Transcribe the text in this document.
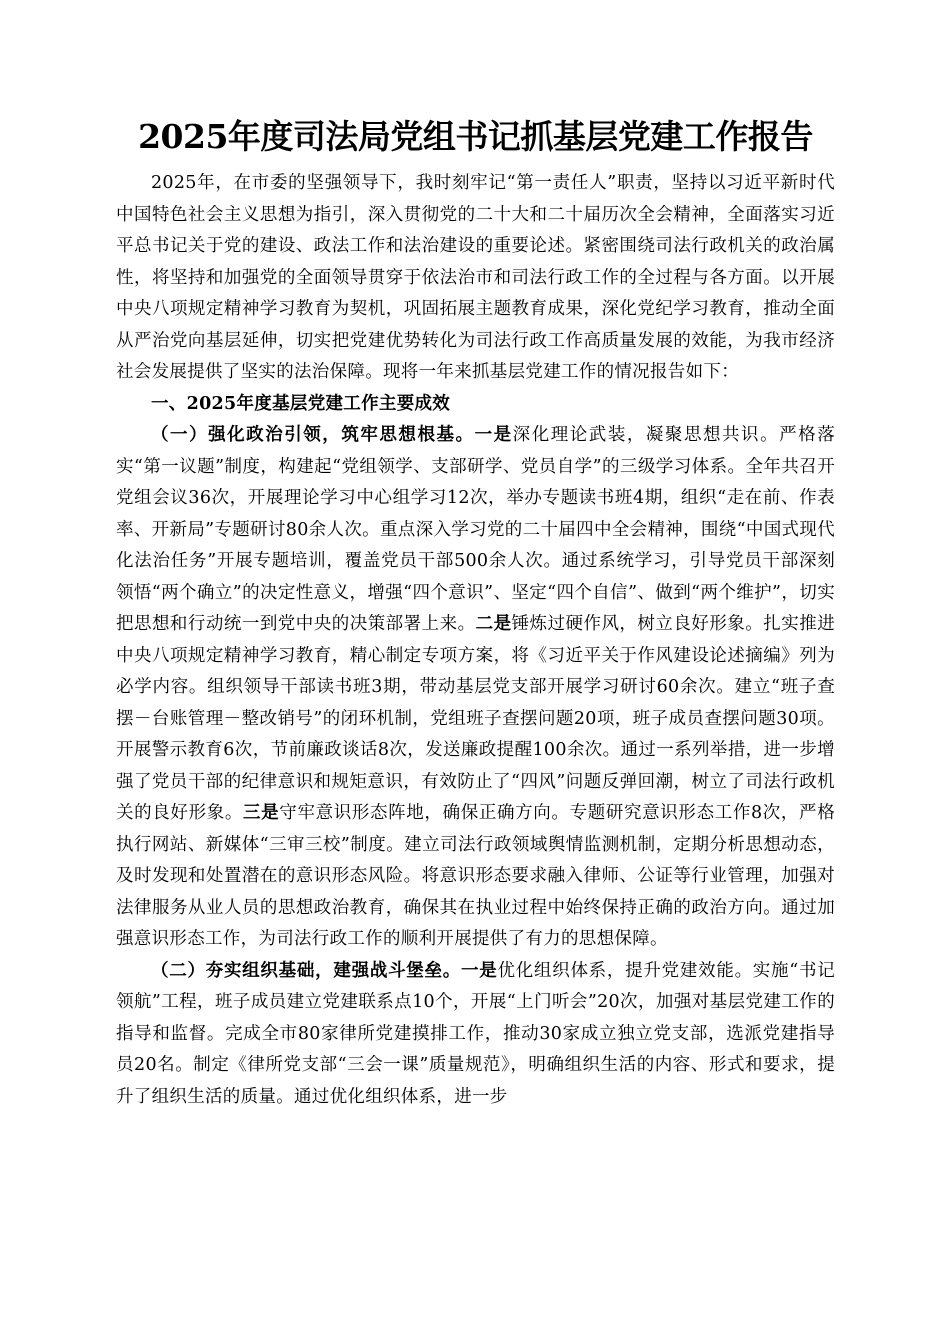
2025年度司法局党组书记抓基层党建工作报告

2025年，在市委的坚强领导下，我时刻牢记“第一责任人”职责，坚持以习近平新时代中国特色社会主义思想为指引，深入贯彻党的二十大和二十届历次全会精神，全面落实习近平总书记关于党的建设、政法工作和法治建设的重要论述。紧密围绕司法行政机关的政治属性，将坚持和加强党的全面领导贯穿于依法治市和司法行政工作的全过程与各方面。以开展中央八项规定精神学习教育为契机，巩固拓展主题教育成果，深化党纪学习教育，推动全面从严治党向基层延伸，切实把党建优势转化为司法行政工作高质量发展的效能，为我市经济社会发展提供了坚实的法治保障。现将一年来抓基层党建工作的情况报告如下：

一、2025年度基层党建工作主要成效

（一）强化政治引领，筑牢思想根基。一是深化理论武装，凝聚思想共识。严格落实“第一议题”制度，构建起“党组领学、支部研学、党员自学”的三级学习体系。全年共召开党组会议36次，开展理论学习中心组学习12次，举办专题读书班4期，组织“走在前、作表率、开新局”专题研讨80余人次。重点深入学习党的二十届四中全会精神，围绕“中国式现代化法治任务”开展专题培训，覆盖党员干部500余人次。通过系统学习，引导党员干部深刻领悟“两个确立”的决定性意义，增强“四个意识”、坚定“四个自信”、做到“两个维护”，切实把思想和行动统一到党中央的决策部署上来。二是锤炼过硬作风，树立良好形象。扎实推进中央八项规定精神学习教育，精心制定专项方案，将《习近平关于作风建设论述摘编》列为必学内容。组织领导干部读书班3期，带动基层党支部开展学习研讨60余次。建立“班子查摆－台账管理－整改销号”的闭环机制，党组班子查摆问题20项，班子成员查摆问题30项。开展警示教育6次，节前廉政谈话8次，发送廉政提醒100余次。通过一系列举措，进一步增强了党员干部的纪律意识和规矩意识，有效防止了“四风”问题反弹回潮，树立了司法行政机关的良好形象。三是守牢意识形态阵地，确保正确方向。专题研究意识形态工作8次，严格执行网站、新媒体“三审三校”制度。建立司法行政领域舆情监测机制，定期分析思想动态，及时发现和处置潜在的意识形态风险。将意识形态要求融入律师、公证等行业管理，加强对法律服务从业人员的思想政治教育，确保其在执业过程中始终保持正确的政治方向。通过加强意识形态工作，为司法行政工作的顺利开展提供了有力的思想保障。

（二）夯实组织基础，建强战斗堡垒。一是优化组织体系，提升党建效能。实施“书记领航”工程，班子成员建立党建联系点10个，开展“上门听会”20次，加强对基层党建工作的指导和监督。完成全市80家律所党建摸排工作，推动30家成立独立党支部，选派党建指导员20名。制定《律所党支部“三会一课”质量规范》，明确组织生活的内容、形式和要求，提升了组织生活的质量。通过优化组织体系，进一步
